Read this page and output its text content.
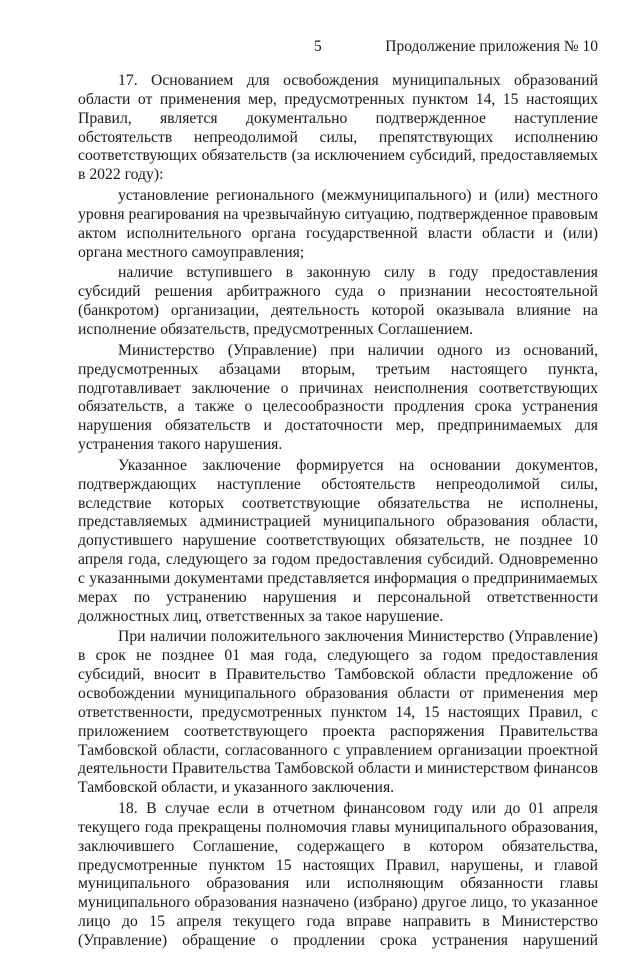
5	Продолжение приложения № 10

17. Основанием для освобождения муниципальных образований области от применения мер, предусмотренных пунктом 14, 15 настоящих Правил, является документально подтвержденное наступление обстоятельств непреодолимой силы, препятствующих исполнению соответствующих обязательств (за исключением субсидий, предоставляемых в 2022 году):

установление регионального (межмуниципального) и (или) местного уровня реагирования на чрезвычайную ситуацию, подтвержденное правовым актом исполнительного органа государственной власти области и (или) органа местного самоуправления;

наличие вступившего в законную силу в году предоставления субсидий решения арбитражного суда о признании несостоятельной (банкротом) организации, деятельность которой оказывала влияние на исполнение обязательств, предусмотренных Соглашением.

Министерство (Управление) при наличии одного из оснований, предусмотренных абзацами вторым, третьим настоящего пункта, подготавливает заключение о причинах неисполнения соответствующих обязательств, а также о целесообразности продления срока устранения нарушения обязательств и достаточности мер, предпринимаемых для устранения такого нарушения.

Указанное заключение формируется на основании документов, подтверждающих наступление обстоятельств непреодолимой силы, вследствие которых соответствующие обязательства не исполнены, представляемых администрацией муниципального образования области, допустившего нарушение соответствующих обязательств, не позднее 10 апреля года, следующего за годом предоставления субсидий. Одновременно с указанными документами представляется информация о предпринимаемых мерах по устранению нарушения и персональной ответственности должностных лиц, ответственных за такое нарушение.

При наличии положительного заключения Министерство (Управление) в срок не позднее 01 мая года, следующего за годом предоставления субсидий, вносит в Правительство Тамбовской области предложение об освобождении муниципального образования области от применения мер ответственности, предусмотренных пунктом 14, 15 настоящих Правил, с приложением соответствующего проекта распоряжения Правительства Тамбовской области, согласованного с управлением организации проектной деятельности Правительства Тамбовской области и министерством финансов Тамбовской области, и указанного заключения.

18. В случае если в отчетном финансовом году или до 01 апреля текущего года прекращены полномочия главы муниципального образования, заключившего Соглашение, содержащего в котором обязательства, предусмотренные пунктом 15 настоящих Правил, нарушены, и главой муниципального образования или исполняющим обязанности главы муниципального образования назначено (избрано) другое лицо, то указанное лицо до 15 апреля текущего года вправе направить в Министерство (Управление) обращение о продлении срока устранения нарушений
